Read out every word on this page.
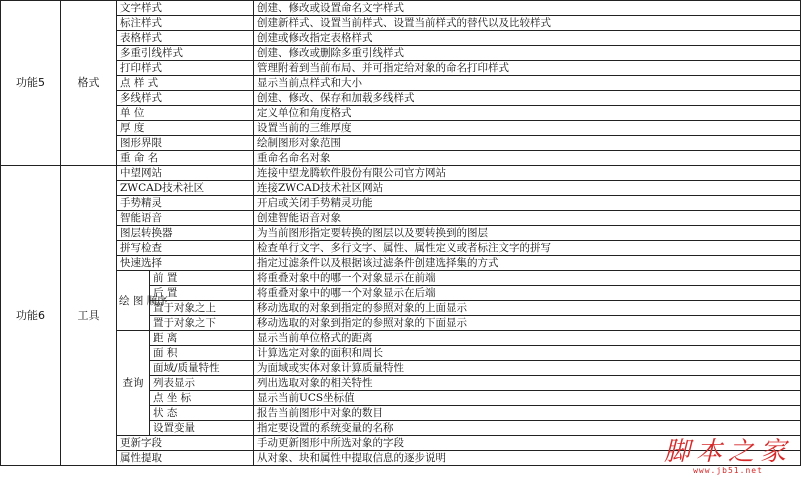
功能5	格式	文字样式		创建、修改或设置命名文字样式
		标注样式		创建新样式、设置当前样式、设置当前样式的替代以及比较样式
		表格样式		创建或修改指定表格样式
		多重引线样式		创建、修改或删除多重引线样式
		打印样式		管理附着到当前布局、并可指定给对象的命名打印样式
		点 样 式		显示当前点样式和大小
		多线样式		创建、修改、保存和加载多线样式
		单 位		定义单位和角度格式
		厚 度		设置当前的三维厚度
		图形界限		绘制图形对象范围
		重 命 名		重命名命名对象
功能6	工具	中望网站		连接中望龙腾软件股份有限公司官方网站
		ZWCAD技术社区		连接ZWCAD技术社区网站
		手势精灵		开启或关闭手势精灵功能
		智能语音		创建智能语音对象
		图层转换器		为当前图形指定要转换的图层以及要转换到的图层
		拼写检查		检查单行文字、多行文字、属性、属性定义或者标注文字的拼写
		快速选择		指定过滤条件以及根据该过滤条件创建选择集的方式
		绘 图 顺序	前 置	将重叠对象中的哪一个对象显示在前端
			后 置	将重叠对象中的哪一个对象显示在后端
			置于对象之上	移动选取的对象到指定的参照对象的上面显示
			置于对象之下	移动选取的对象到指定的参照对象的下面显示
		查询	距 离	显示当前单位格式的距离
			面 积	计算选定对象的面积和周长
			面域/质量特性	为面域或实体对象计算质量特性
			列表显示	列出选取对象的相关特性
			点 坐 标	显示当前UCS坐标值
			状 态	报告当前图形中对象的数目
			设置变量	指定要设置的系统变量的名称
		更新字段		手动更新图形中所选对象的字段
		属性提取		从对象、块和属性中提取信息的逐步说明	脚本之家
www.jb51.net
